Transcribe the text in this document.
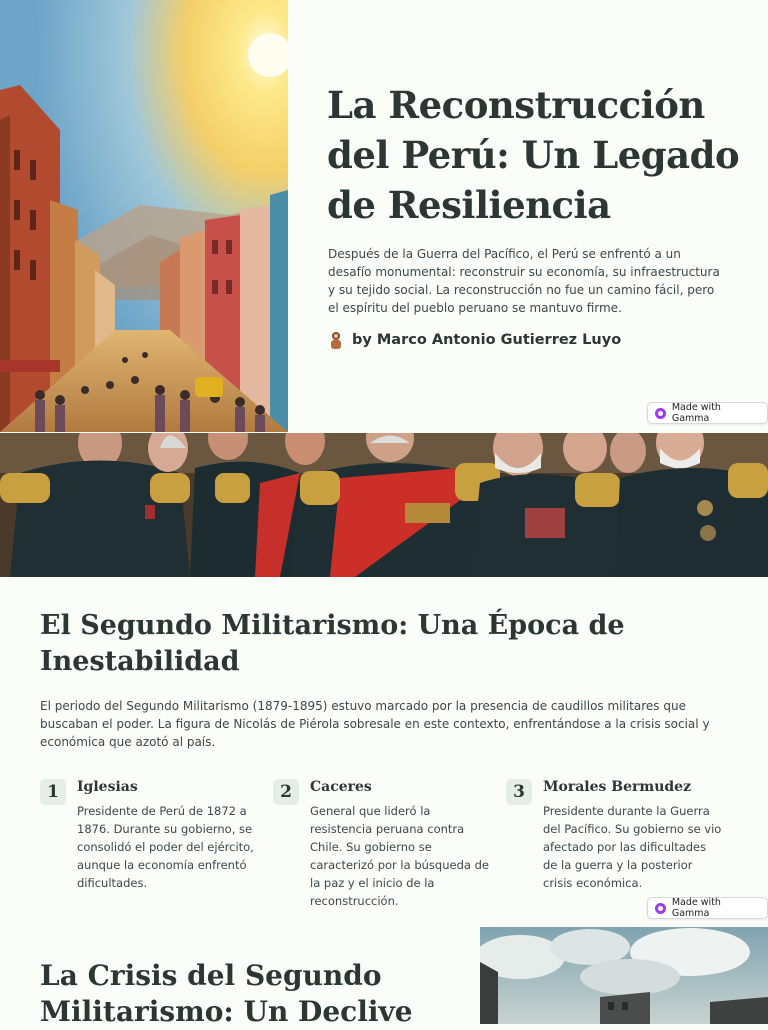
La Reconstrucción del Perú: Un Legado de Resiliencia

Después de la Guerra del Pacífico, el Perú se enfrentó a un desafío monumental: reconstruir su economía, su infraestructura y su tejido social. La reconstrucción no fue un camino fácil, pero el espíritu del pueblo peruano se mantuvo firme.

by Marco Antonio Gutierrez Luyo
Made with Gamma
El Segundo Militarismo: Una Época de Inestabilidad

El periodo del Segundo Militarismo (1879-1895) estuvo marcado por la presencia de caudillos militares que buscaban el poder. La figura de Nicolás de Piérola sobresale en este contexto, enfrentándose a la crisis social y económica que azotó al país.

1	Iglesias

Presidente de Perú de 1872 a 1876. Durante su gobierno, se consolidó el poder del ejército, aunque la economía enfrentó dificultades.

2	Caceres

General que lideró la resistencia peruana contra Chile. Su gobierno se caracterizó por la búsqueda de la paz y el inicio de la reconstrucción.

3	Morales Bermudez

Presidente durante la Guerra del Pacífico. Su gobierno se vio afectado por las dificultades de la guerra y la posterior crisis económica.

Made with Gamma
La Crisis del Segundo Militarismo: Un Declive
